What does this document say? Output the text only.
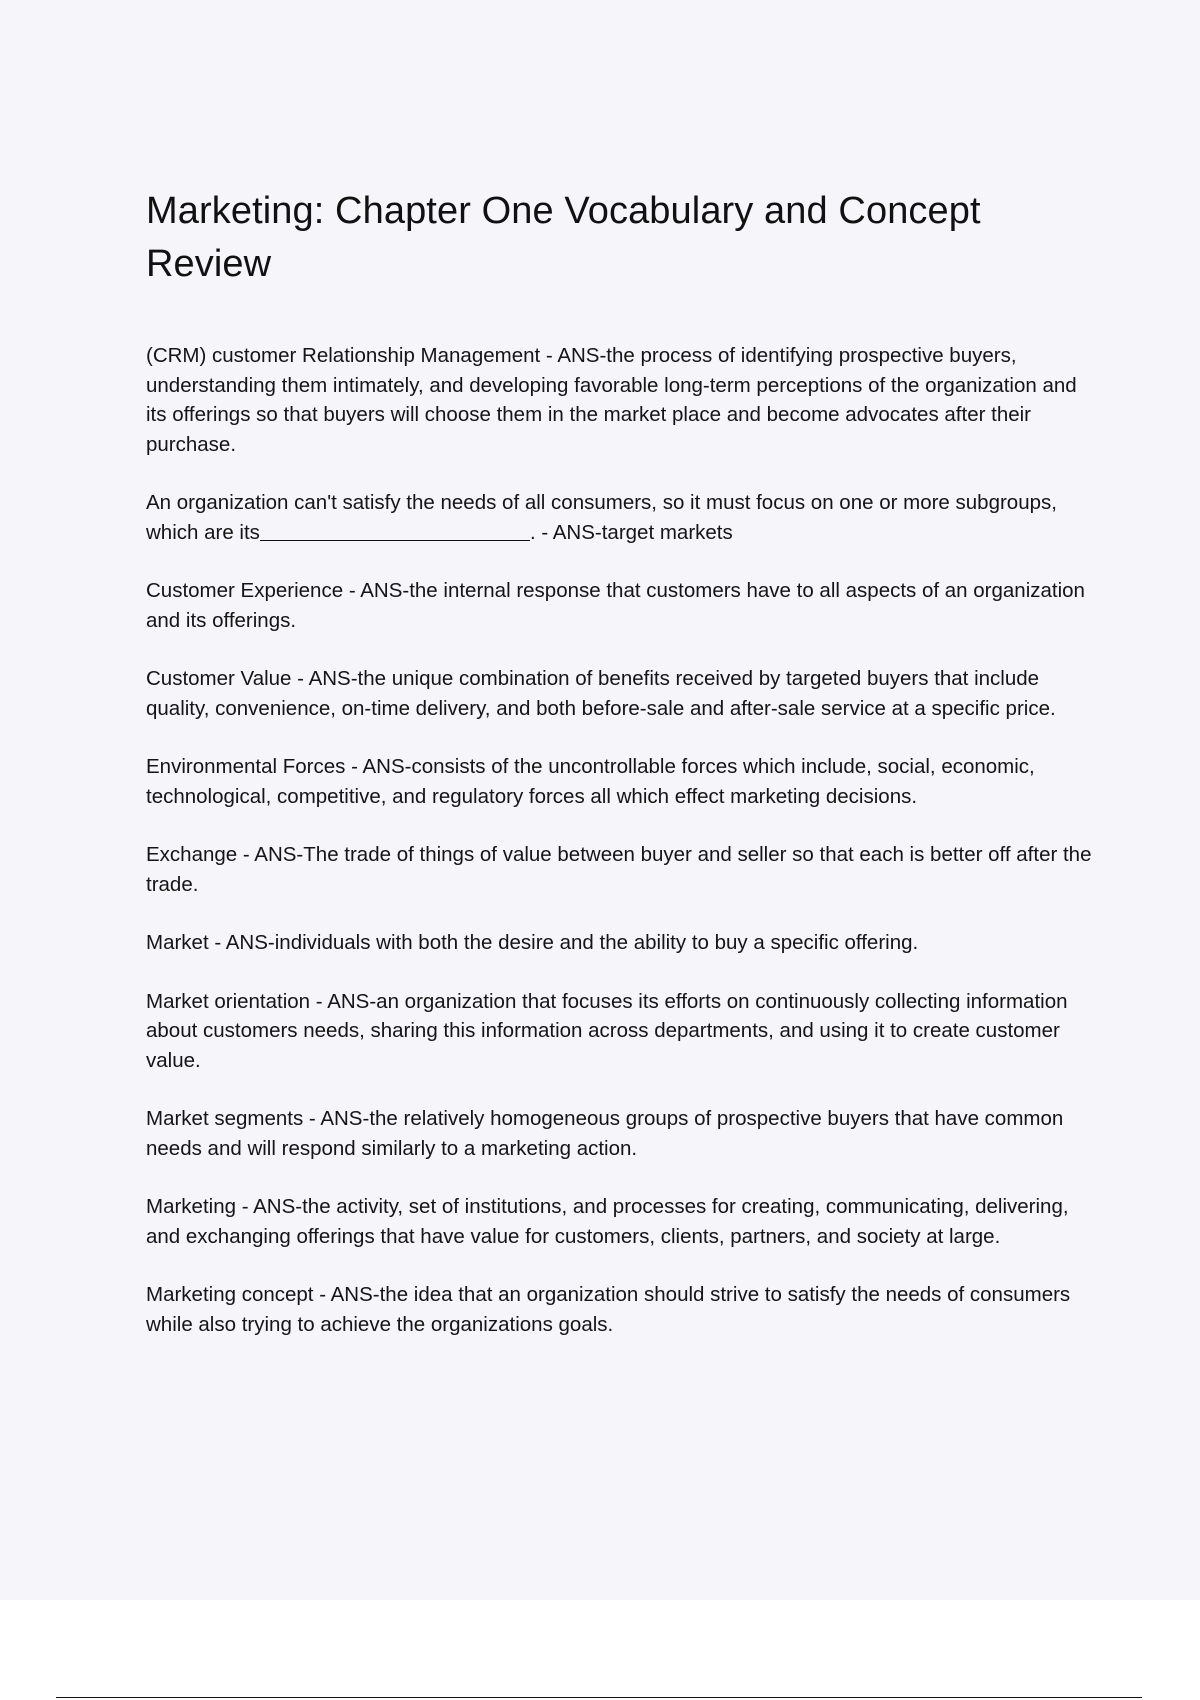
Marketing: Chapter One Vocabulary and Concept Review

(CRM) customer Relationship Management - ANS-the process of identifying prospective buyers, understanding them intimately, and developing favorable long-term perceptions of the organization and its offerings so that buyers will choose them in the market place and become advocates after their purchase.

An organization can't satisfy the needs of all consumers, so it must focus on one or more subgroups, which are its	. - ANS-target markets

Customer Experience - ANS-the internal response that customers have to all aspects of an organization and its offerings.

Customer Value - ANS-the unique combination of benefits received by targeted buyers that include quality, convenience, on-time delivery, and both before-sale and after-sale service at a specific price.

Environmental Forces - ANS-consists of the uncontrollable forces which include, social, economic, technological, competitive, and regulatory forces all which effect marketing decisions.

Exchange - ANS-The trade of things of value between buyer and seller so that each is better off after the trade.

Market - ANS-individuals with both the desire and the ability to buy a specific offering.

Market orientation - ANS-an organization that focuses its efforts on continuously collecting information about customers needs, sharing this information across departments, and using it to create customer value.

Market segments - ANS-the relatively homogeneous groups of prospective buyers that have common needs and will respond similarly to a marketing action.

Marketing - ANS-the activity, set of institutions, and processes for creating, communicating, delivering, and exchanging offerings that have value for customers, clients, partners, and society at large.

Marketing concept - ANS-the idea that an organization should strive to satisfy the needs of consumers while also trying to achieve the organizations goals.
